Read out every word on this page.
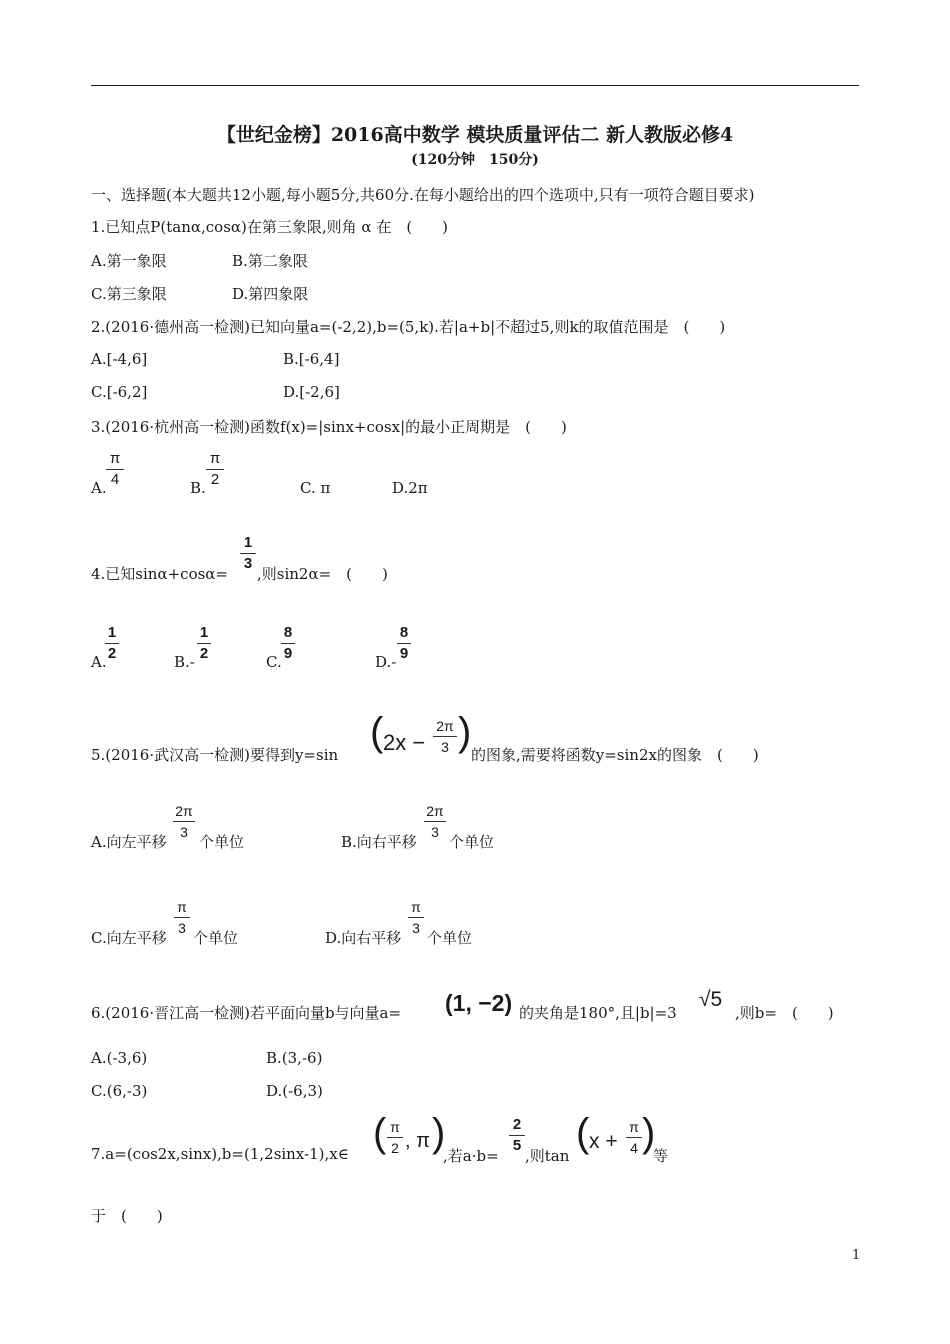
【世纪金榜】2016高中数学 模块质量评估二 新人教版必修4
(120分钟　150分)
一、选择题(本大题共12小题,每小题5分,共60分.在每小题给出的四个选项中,只有一项符合题目要求)
1.已知点P(tanα,cosα)在第三象限,则角 α 在　(　　)
A.第一象限	B.第二象限
C.第三象限	D.第四象限
2.(2016·德州高一检测)已知向量a=(-2,2),b=(5,k).若|a+b|不超过5,则k的取值范围是　(　　)
A.[-4,6]	B.[-6,4]
C.[-6,2]	D.[-2,6]
3.(2016·杭州高一检测)函数f(x)=|sinx+cosx|的最小正周期是　(　　)
A.
π
4	B.
π
2	C. π	D.2π
4.已知sinα+cosα=
1
3
,则sin2α=　(　　)
A.
1
2	B.-
1
2	C.
8
9	D.-
8
9
5.(2016·武汉高一检测)要得到y=sin
( 2x −
2π
3 )
的图象,需要将函数y=sin2x的图象　(　　)
A.向左平移
2π
3
个单位	B.向右平移
2π
3
个单位
C.向左平移
π
3
个单位	D.向右平移
π
3
个单位
6.(2016·晋江高一检测)若平面向量b与向量a= (1, −2) 的夹角是180°,且|b|=3
√5
,则b=　(　　)
A.(-3,6)	B.(3,-6)
C.(6,-3)	D.(-6,3)
7.a=(cos2x,sinx),b=(1,2sinx-1),x∈ ( π
2 , π )
,若a·b=
2
5
,则tan
( x +
π
4 )
等
于　(　　)
1
